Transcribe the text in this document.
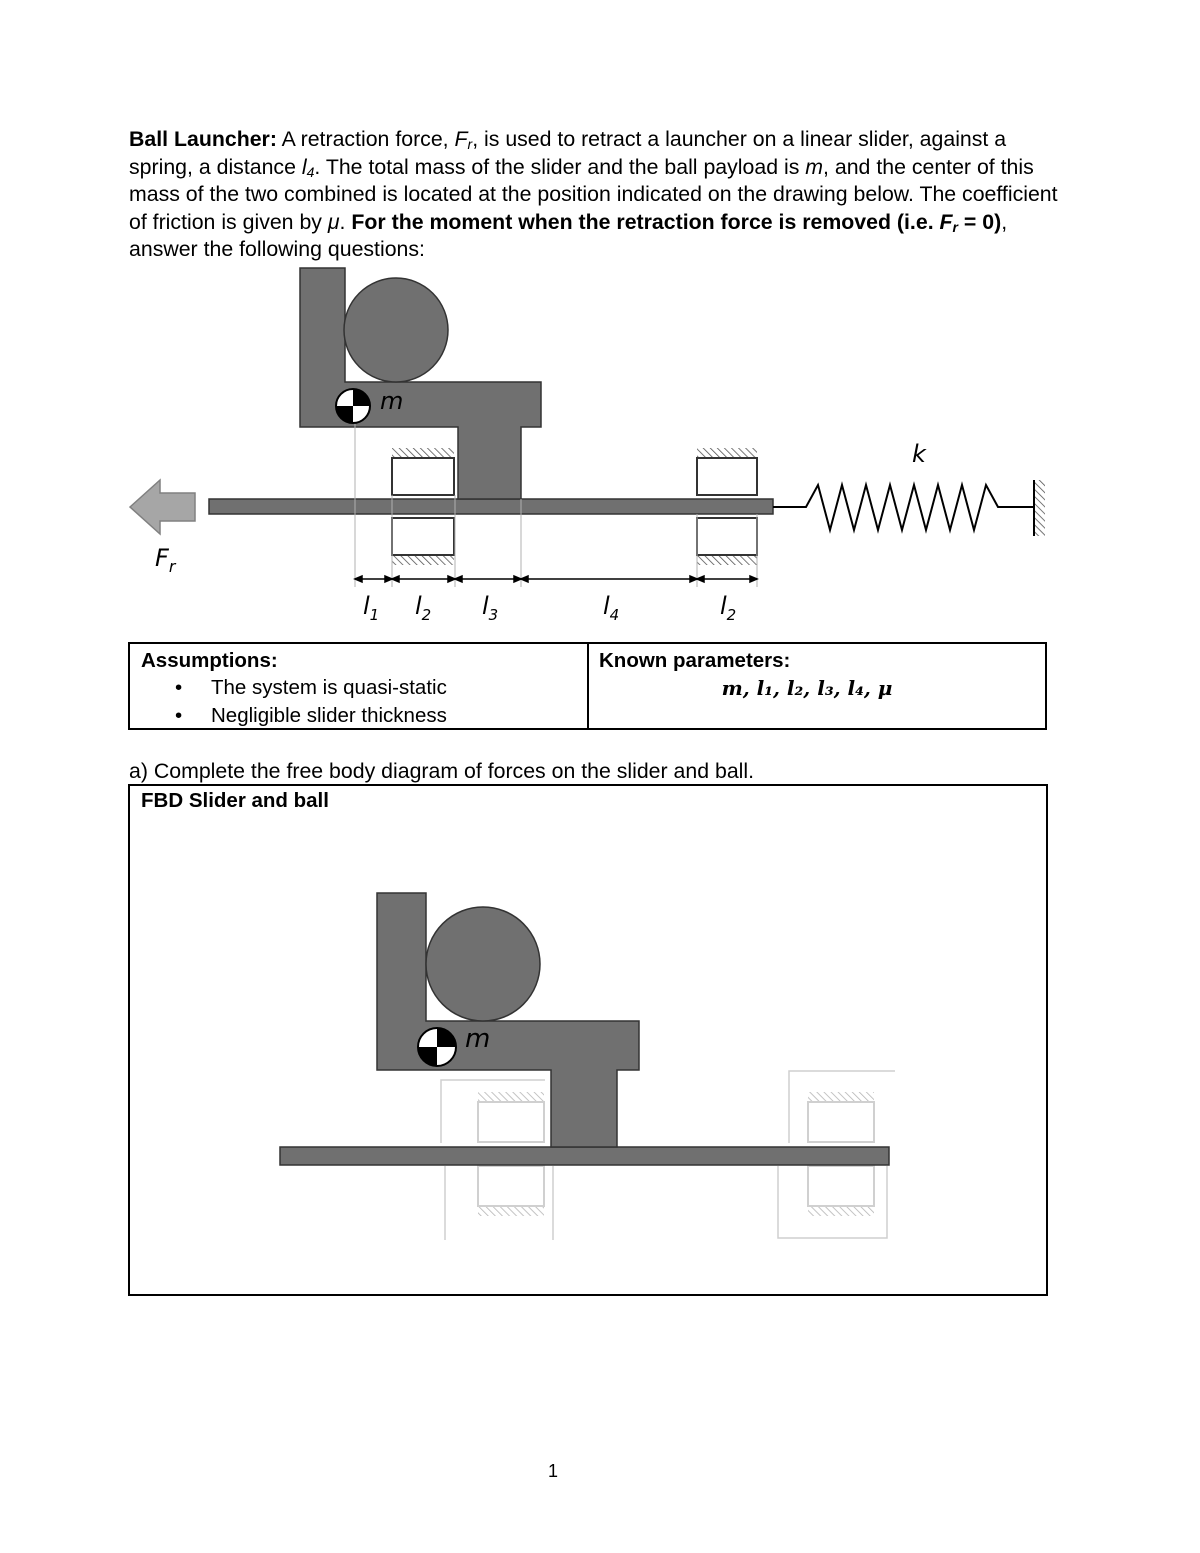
Ball Launcher: A retraction force, $F_r$, is used to retract a launcher on a linear slider, against a spring, a distance $l_4$. The total mass of the slider and the ball payload is m, and the center of this mass of the two combined is located at the position indicated on the drawing below. The coefficient of friction is given by μ. For the moment when the retraction force is removed (i.e. $F_r = 0$), answer the following questions:
m
k
$F_r$
$l_1$ $l_2$ $l_3$	$l_4$	$l_2$
Assumptions:
• The system is quasi-static
• Negligible slider thickness
Known parameters:
m, l₁, l₂, l₃, l₄, μ
a) Complete the free body diagram of forces on the slider and ball.
FBD Slider and ball
m
1
